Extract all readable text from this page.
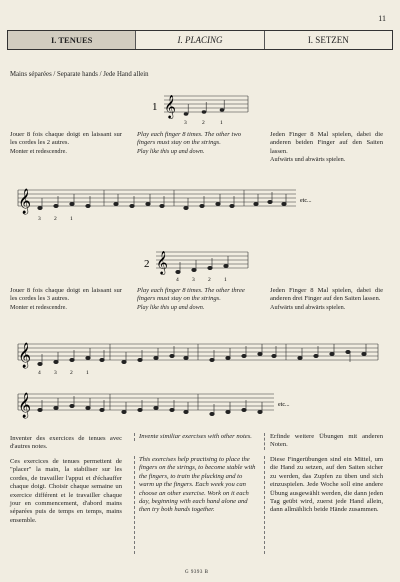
11
I. TENUES	I. PLACING	I. SETZEN
Mains séparées / Separate hands / Jede Hand allein
1 𝄞
3	2	1
Jouer 8 fois chaque doigt en laissant sur les cordes les 2 autres.
Monter et redescendre.
Play each finger 8 times. The other two fingers must stay on the strings.
Play like this up and down.
Jeden Finger 8 Mal spielen, dabei die anderen beiden Finger auf den Saiten lassen.
Aufwärts und abwärts spielen.
𝄞
3 2 1
etc...
2 𝄞
4 3 2 1
Jouer 8 fois chaque doigt en laissant sur les cordes les 3 autres.
Monter et redescendre.
Play each finger 8 times. The other three fingers must stay on the strings.
Play like this up and down.
Jeden Finger 8 Mal spielen, dabei die anderen drei Finger auf den Saiten lassen.
Aufwärts und abwärts spielen.
𝄞
𝄞
4 3 2 1
etc...
Inventer des exercices de tenues avec d'autres notes.
Invente similiar exercises with other notes.	Erfinde weitere Übungen mit anderen Noten.
Ces exercices de tenues permettent de "placer" la main, la stabiliser sur les cordes, de travailler l'appui et d'échauffer chaque doigt. Choisir chaque semaine un exercice différent et le travailler chaque jour en commencement, d'abord mains séparées puis de temps en temps, mains ensemble.
This exercises help practising to place the fingers on the strings, to become stable with the fingers, to train the plucking and to warm up the fingers. Each week you can choose an other exercise. Work on it each day, beginning with each hand alone and then try both hands together.
Diese Fingerübungen sind ein Mittel, um die Hand zu setzen, auf den Saiten sicher zu werden, das Zupfen zu üben und sich einzuspielen. Jede Woche soll eine andere Übung ausgewählt werden, die dann jeden Tag geübt wird, zuerst jede Hand allein, dann allmählich beide Hände zusammen.
G 9393 B
